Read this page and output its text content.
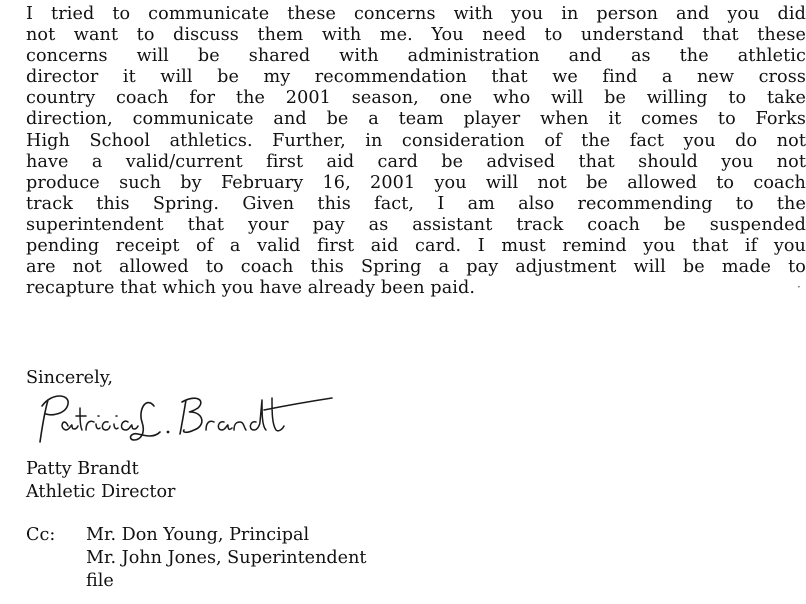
I tried to communicate these concerns with you in person and you did
not want to discuss them with me. You need to understand that these
concerns will be shared with administration and as the athletic
director it will be my recommendation that we find a new cross
country coach for the 2001 season, one who will be willing to take
direction, communicate and be a team player when it comes to Forks
High School athletics. Further, in consideration of the fact you do not
have a valid/current first aid card be advised that should you not
produce such by February 16, 2001 you will not be allowed to coach
track this Spring. Given this fact, I am also recommending to the
superintendent that your pay as assistant track coach be suspended
pending receipt of a valid first aid card. I must remind you that if you
are not allowed to coach this Spring a pay adjustment will be made to
recapture that which you have already been paid.
Sincerely,
Patty Brandt
Athletic Director
Cc: Mr. Don Young, Principal
Mr. John Jones, Superintendent
file
·
